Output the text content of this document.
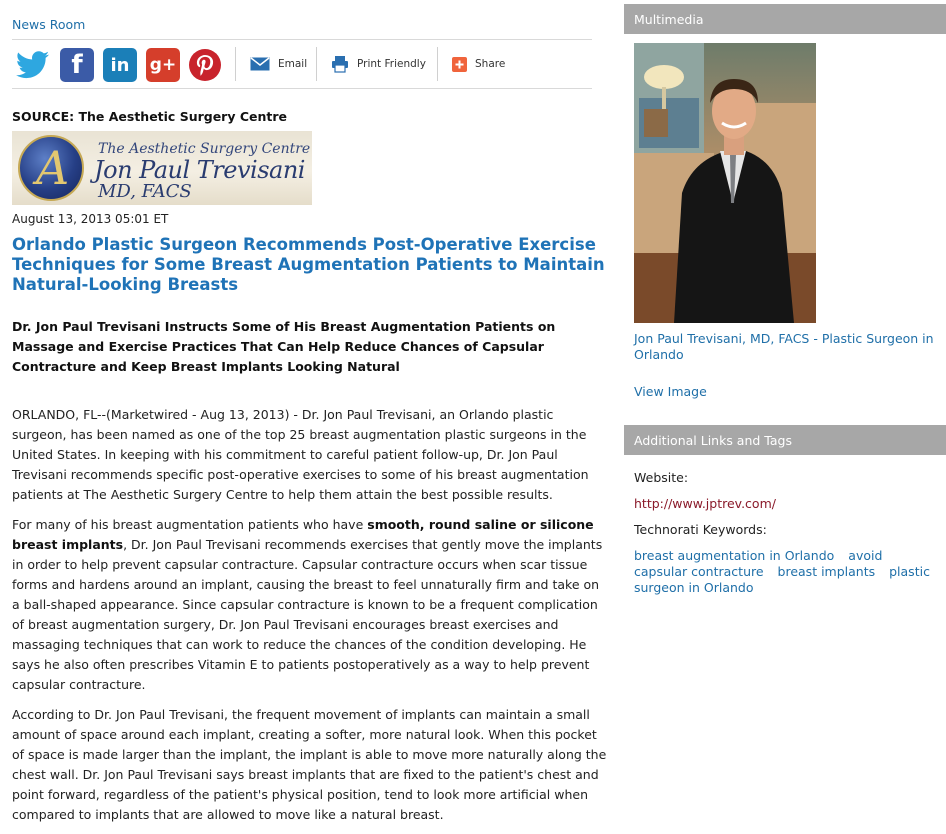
News Room
f	in	g+	Email	Print Friendly	Share
SOURCE: The Aesthetic Surgery Centre
A The Aesthetic Surgery Centre
Jon Paul Trevisani
MD, FACS
August 13, 2013 05:01 ET
Orlando Plastic Surgeon Recommends Post-Operative Exercise Techniques for Some Breast Augmentation Patients to Maintain Natural-Looking Breasts
Dr. Jon Paul Trevisani Instructs Some of His Breast Augmentation Patients on Massage and Exercise Practices That Can Help Reduce Chances of Capsular Contracture and Keep Breast Implants Looking Natural

ORLANDO, FL--(Marketwired - Aug 13, 2013) - Dr. Jon Paul Trevisani, an Orlando plastic surgeon, has been named as one of the top 25 breast augmentation plastic surgeons in the United States. In keeping with his commitment to careful patient follow-up, Dr. Jon Paul Trevisani recommends specific post-operative exercises to some of his breast augmentation patients at The Aesthetic Surgery Centre to help them attain the best possible results.

For many of his breast augmentation patients who have smooth, round saline or silicone breast implants, Dr. Jon Paul Trevisani recommends exercises that gently move the implants in order to help prevent capsular contracture. Capsular contracture occurs when scar tissue forms and hardens around an implant, causing the breast to feel unnaturally firm and take on a ball-shaped appearance. Since capsular contracture is known to be a frequent complication of breast augmentation surgery, Dr. Jon Paul Trevisani encourages breast exercises and massaging techniques that can work to reduce the chances of the condition developing. He says he also often prescribes Vitamin E to patients postoperatively as a way to help prevent capsular contracture.

According to Dr. Jon Paul Trevisani, the frequent movement of implants can maintain a small amount of space around each implant, creating a softer, more natural look. When this pocket of space is made larger than the implant, the implant is able to move more naturally along the chest wall. Dr. Jon Paul Trevisani says breast implants that are fixed to the patient's chest and point forward, regardless of the patient's physical position, tend to look more artificial when compared to implants that are allowed to move like a natural breast.

Multimedia
Jon Paul Trevisani, MD, FACS - Plastic Surgeon in Orlando
View Image
Additional Links and Tags
Website:
http://www.jptrev.com/
Technorati Keywords:
breast augmentation in Orlando avoid capsular contracture breast implants plastic surgeon in Orlando
